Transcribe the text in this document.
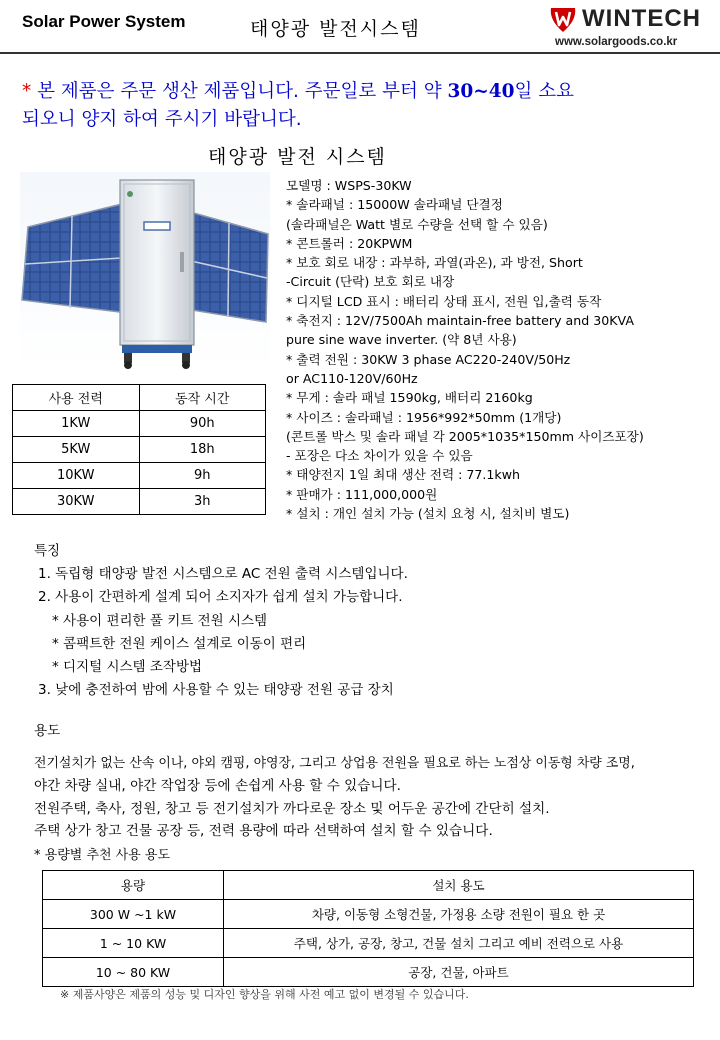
Solar Power System	태양광 발전시스템	WINTECH
www.solargoods.co.kr
* 본 제품은 주문 생산 제품입니다. 주문일로 부터 약 30~40일 소요
되오니 양지 하여 주시기 바랍니다.
태양광 발전 시스템
모델명 : WSPS-30KW
* 솔라패널 : 15000W 솔라패널 단결정
(솔라패널은 Watt 별로 수량을 선택 할 수 있음)
* 콘트롤러 : 20KPWM
* 보호 회로 내장 : 과부하, 과열(과온), 과 방전, Short
-Circuit (단락) 보호 회로 내장
* 디지털 LCD 표시 : 배터리 상태 표시, 전원 입,출력 동작
* 축전지 : 12V/7500Ah maintain-free battery and 30KVA
pure sine wave inverter. (약 8년 사용)
* 출력 전원 : 30KW 3 phase AC220-240V/50Hz
or AC110-120V/60Hz
* 무게 : 솔라 패널 1590kg, 배터리 2160kg
* 사이즈 : 솔라패널 : 1956*992*50mm (1개당)
(콘트롤 박스 및 솔라 패널 각 2005*1035*150mm 사이즈포장)
- 포장은 다소 차이가 있을 수 있음
* 태양전지 1일 최대 생산 전력 : 77.1kwh
* 판매가 : 111,000,000원
* 설치 : 개인 설치 가능 (설치 요청 시, 설치비 별도)
사용 전력	동작 시간
1KW	90h
5KW	18h
10KW	9h
30KW	3h
특징
1. 독립형 태양광 발전 시스템으로 AC 전원 출력 시스템입니다.
2. 사용이 간편하게 설계 되어 소지자가 쉽게 설치 가능합니다.
* 사용이 편리한 풀 키트 전원 시스템
* 콤팩트한 전원 케이스 설계로 이동이 편리
* 디지털 시스템 조작방법
3. 낮에 충전하여 밤에 사용할 수 있는 태양광 전원 공급 장치
용도
전기설치가 없는 산속 이나, 야외 캠핑, 야영장, 그리고 상업용 전원을 필요로 하는 노점상 이동형 차량 조명,
야간 차량 실내, 야간 작업장 등에 손쉽게 사용 할 수 있습니다.
전원주택, 축사, 정원, 창고 등 전기설치가 까다로운 장소 및 어두운 공간에 간단히 설치.
주택 상가 창고 건물 공장 등, 전력 용량에 따라 선택하여 설치 할 수 있습니다.
* 용량별 추천 사용 용도
용량	설치 용도
300 W ~1 kW	차량, 이동형 소형건물, 가정용 소량 전원이 필요 한 곳
1 ~ 10 KW	주택, 상가, 공장, 창고, 건물 설치 그리고 예비 전력으로 사용
10 ~ 80 KW	공장, 건물, 아파트
※ 제품사양은 제품의 성능 및 디자인 향상을 위해 사전 예고 없이 변경될 수 있습니다.
